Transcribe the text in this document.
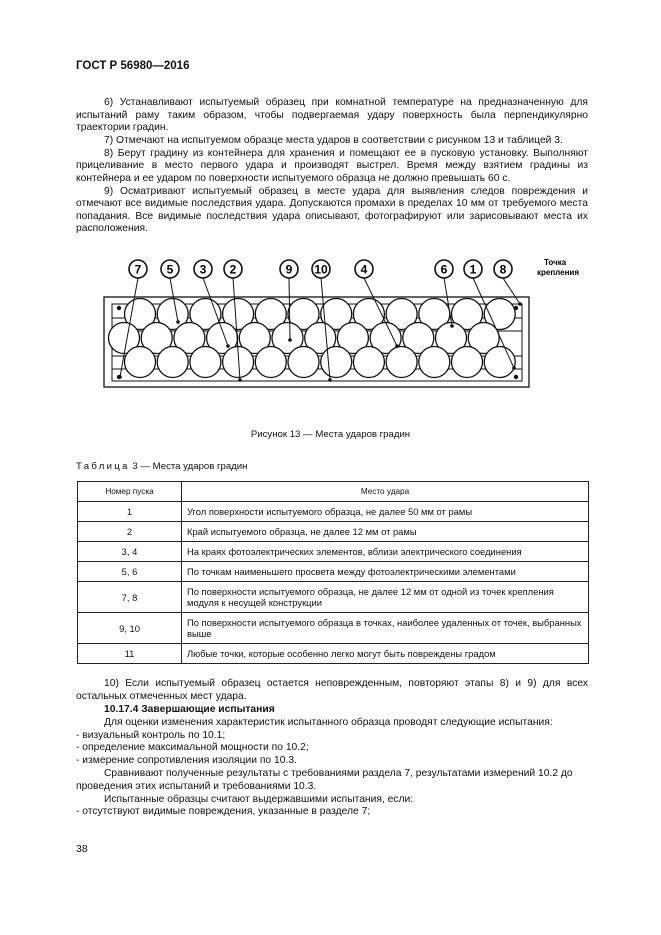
ГОСТ Р 56980—2016
6) Устанавливают испытуемый образец при комнатной температуре на предназначенную для испытаний раму таким образом, чтобы подвергаемая удару поверхность была перпендикулярно траектории градин.
7) Отмечают на испытуемом образце места ударов в соответствии с рисунком 13 и таблицей 3.
8) Берут градину из контейнера для хранения и помещают ее в пусковую установку. Выполняют прицеливание в место первого удара и производят выстрел. Время между взятием градины из контейнера и ее ударом по поверхности испытуемого образца не должно превышать 60 с.
9) Осматривают испытуемый образец в месте удара для выявления следов повреждения и отмечают все видимые последствия удара. Допускаются промахи в пределах 10 мм от требуемого места попадания. Все видимые последствия удара описывают, фотографируют или зарисовывают места их расположения.
7 5 3 2	9 10	4	6 1 8	Точка
крепления
Рисунок 13 — Места ударов градин
Таблица 3 — Места ударов градин
Номер пуска	Место удара
1	Угол поверхности испытуемого образца, не далее 50 мм от рамы
2	Край испытуемого образца, не далее 12 мм от рамы
3, 4	На краях фотоэлектрических элементов, вблизи электрического соединения
5, 6	По точкам наименьшего просвета между фотоэлектрическими элементами
7, 8	По поверхности испытуемого образца, не далее 12 мм от одной из точек крепления модуля к несущей конструкции
9, 10	По поверхности испытуемого образца в точках, наиболее удаленных от точек, выбранных выше
11	Любые точки, которые особенно легко могут быть повреждены градом
10) Если испытуемый образец остается неповрежденным, повторяют этапы 8) и 9) для всех остальных отмеченных мест удара.
10.17.4 Завершающие испытания
Для оценки изменения характеристик испытанного образца проводят следующие испытания:
- визуальный контроль по 10.1;
- определение максимальной мощности по 10.2;
- измерение сопротивления изоляции по 10.3.
Сравнивают полученные результаты с требованиями раздела 7, результатами измерений 10.2 до
проведения этих испытаний и требованиями 10.3.
Испытанные образцы считают выдержавшими испытания, если:
- отсутствуют видимые повреждения, указанные в разделе 7;
38
